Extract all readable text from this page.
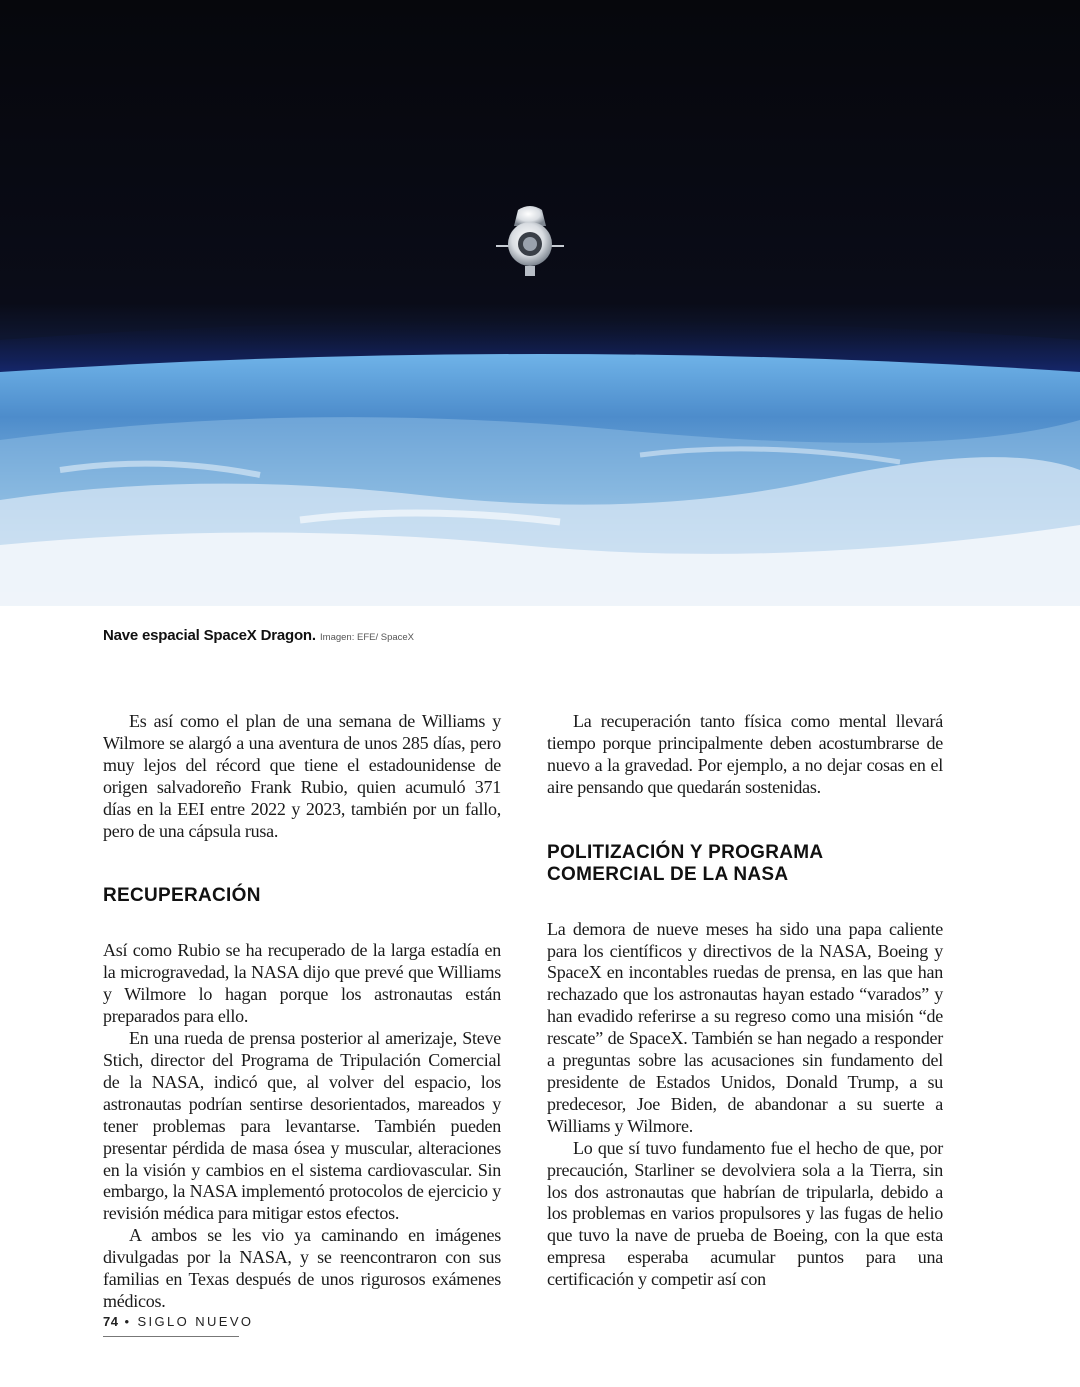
Nave espacial SpaceX Dragon. Imagen: EFE/ SpaceX

Es así como el plan de una semana de Williams y Wilmore se alargó a una aventura de unos 285 días, pero muy lejos del récord que tiene el estadounidense de origen salvadoreño Frank Rubio, quien acumuló 371 días en la EEI entre 2022 y 2023, también por un fallo, pero de una cápsula rusa.

RECUPERACIÓN

Así como Rubio se ha recuperado de la larga estadía en la microgravedad, la NASA dijo que prevé que Williams y Wilmore lo hagan porque los astronautas están preparados para ello.

En una rueda de prensa posterior al amerizaje, Steve Stich, director del Programa de Tripulación Comercial de la NASA, indicó que, al volver del espacio, los astronautas podrían sentirse desorientados, mareados y tener problemas para levantarse. También pueden presentar pérdida de masa ósea y muscular, alteraciones en la visión y cambios en el sistema cardiovascular. Sin embargo, la NASA implementó protocolos de ejercicio y revisión médica para mitigar estos efectos.

A ambos se les vio ya caminando en imágenes divulgadas por la NASA, y se reencontraron con sus familias en Texas después de unos rigurosos exámenes médicos.

La recuperación tanto física como mental llevará tiempo porque principalmente deben acostumbrarse de nuevo a la gravedad. Por ejemplo, a no dejar cosas en el aire pensando que quedarán sostenidas.

POLITIZACIÓN Y PROGRAMA
COMERCIAL DE LA NASA

La demora de nueve meses ha sido una papa caliente para los científicos y directivos de la NASA, Boeing y SpaceX en incontables ruedas de prensa, en las que han rechazado que los astronautas hayan estado “varados” y han evadido referirse a su regreso como una misión “de rescate” de SpaceX. También se han negado a responder a preguntas sobre las acusaciones sin fundamento del presidente de Estados Unidos, Donald Trump, a su predecesor, Joe Biden, de abandonar a su suerte a Williams y Wilmore.

Lo que sí tuvo fundamento fue el hecho de que, por precaución, Starliner se devolviera sola a la Tierra, sin los dos astronautas que habrían de tripularla, debido a los problemas en varios propulsores y las fugas de helio que tuvo la nave de prueba de Boeing, con la que esta empresa esperaba acumular puntos para una certificación y competir así con

74 • SIGLO NUEVO
